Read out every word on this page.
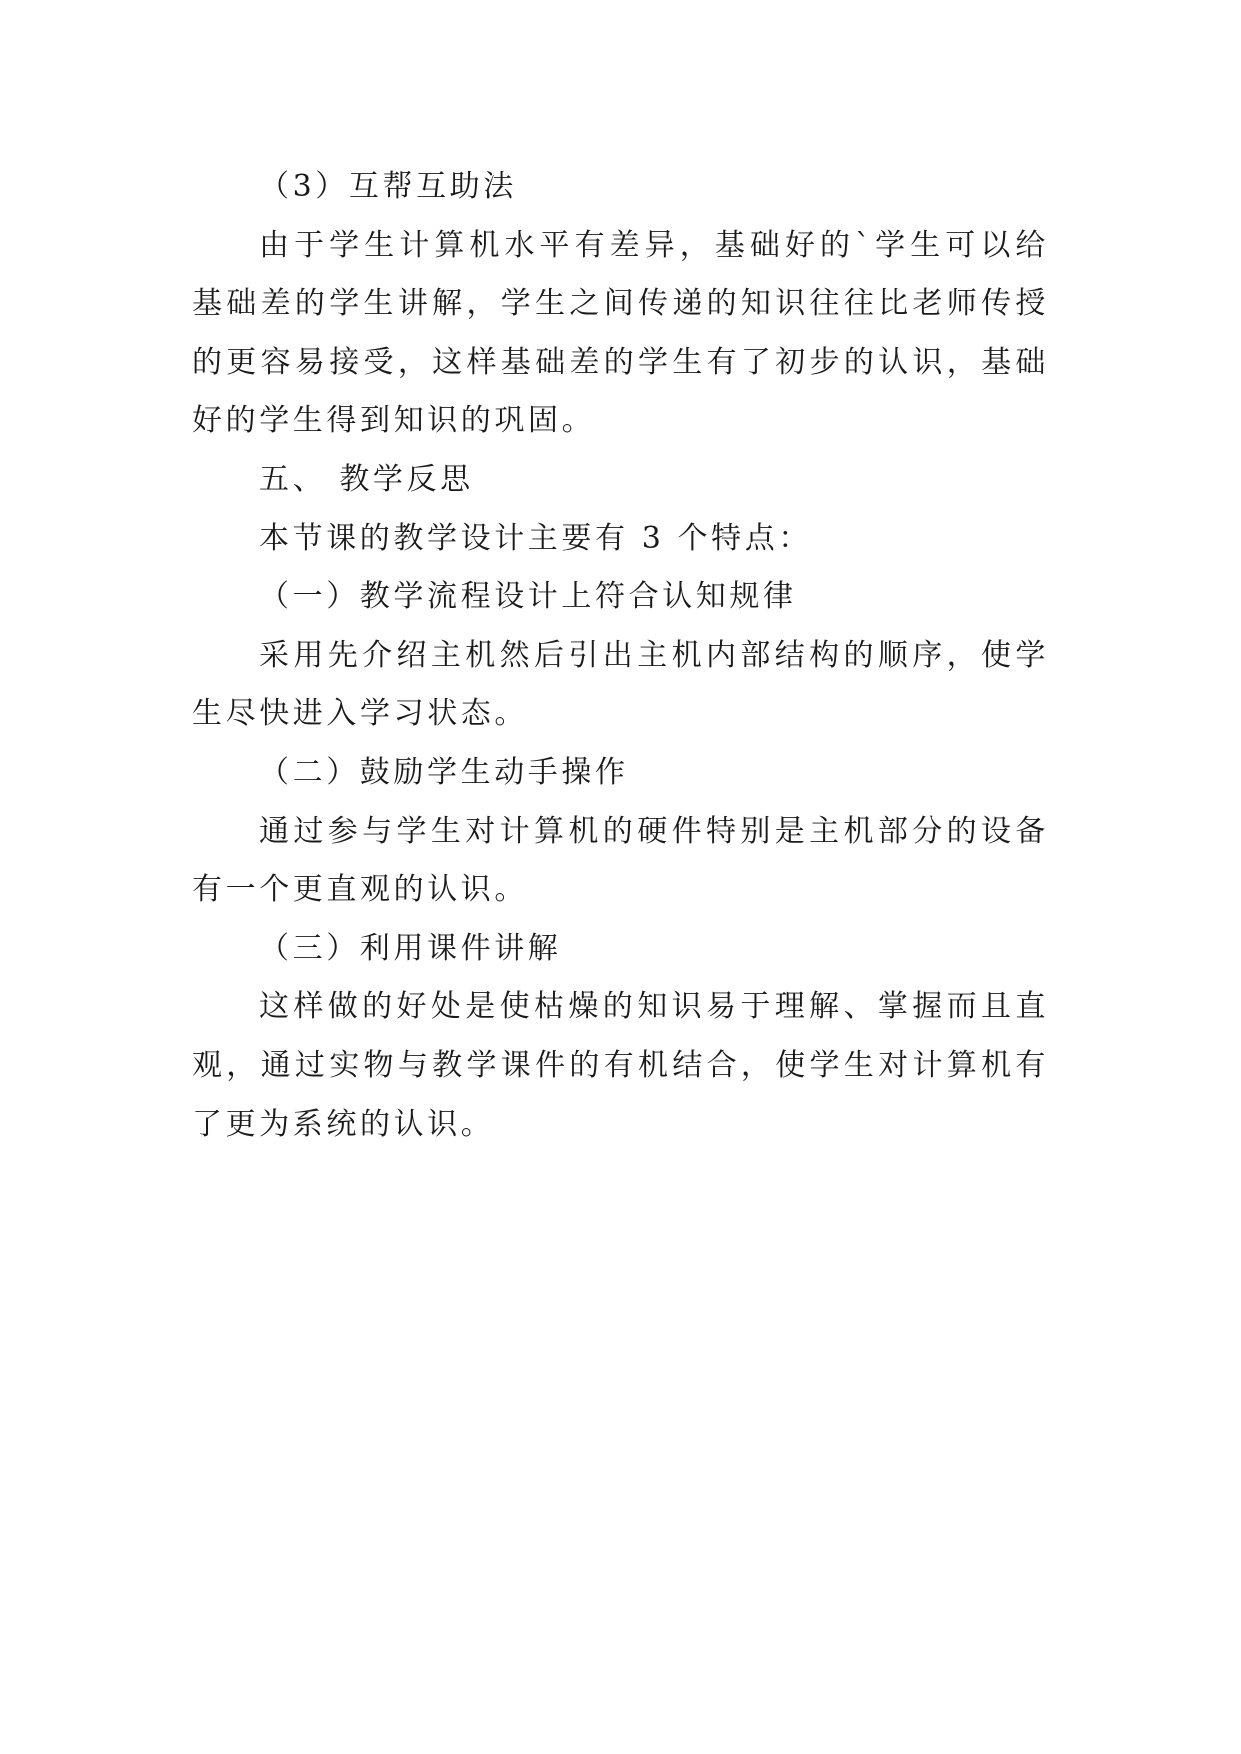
（3）互帮互助法

由于学生计算机水平有差异，基础好的`学生可以给基础差的学生讲解，学生之间传递的知识往往比老师传授的更容易接受，这样基础差的学生有了初步的认识，基础好的学生得到知识的巩固。

五、 教学反思

本节课的教学设计主要有 3 个特点：

（一）教学流程设计上符合认知规律

采用先介绍主机然后引出主机内部结构的顺序，使学生尽快进入学习状态。

（二）鼓励学生动手操作

通过参与学生对计算机的硬件特别是主机部分的设备有一个更直观的认识。

（三）利用课件讲解

这样做的好处是使枯燥的知识易于理解、掌握而且直观，通过实物与教学课件的有机结合，使学生对计算机有了更为系统的认识。
